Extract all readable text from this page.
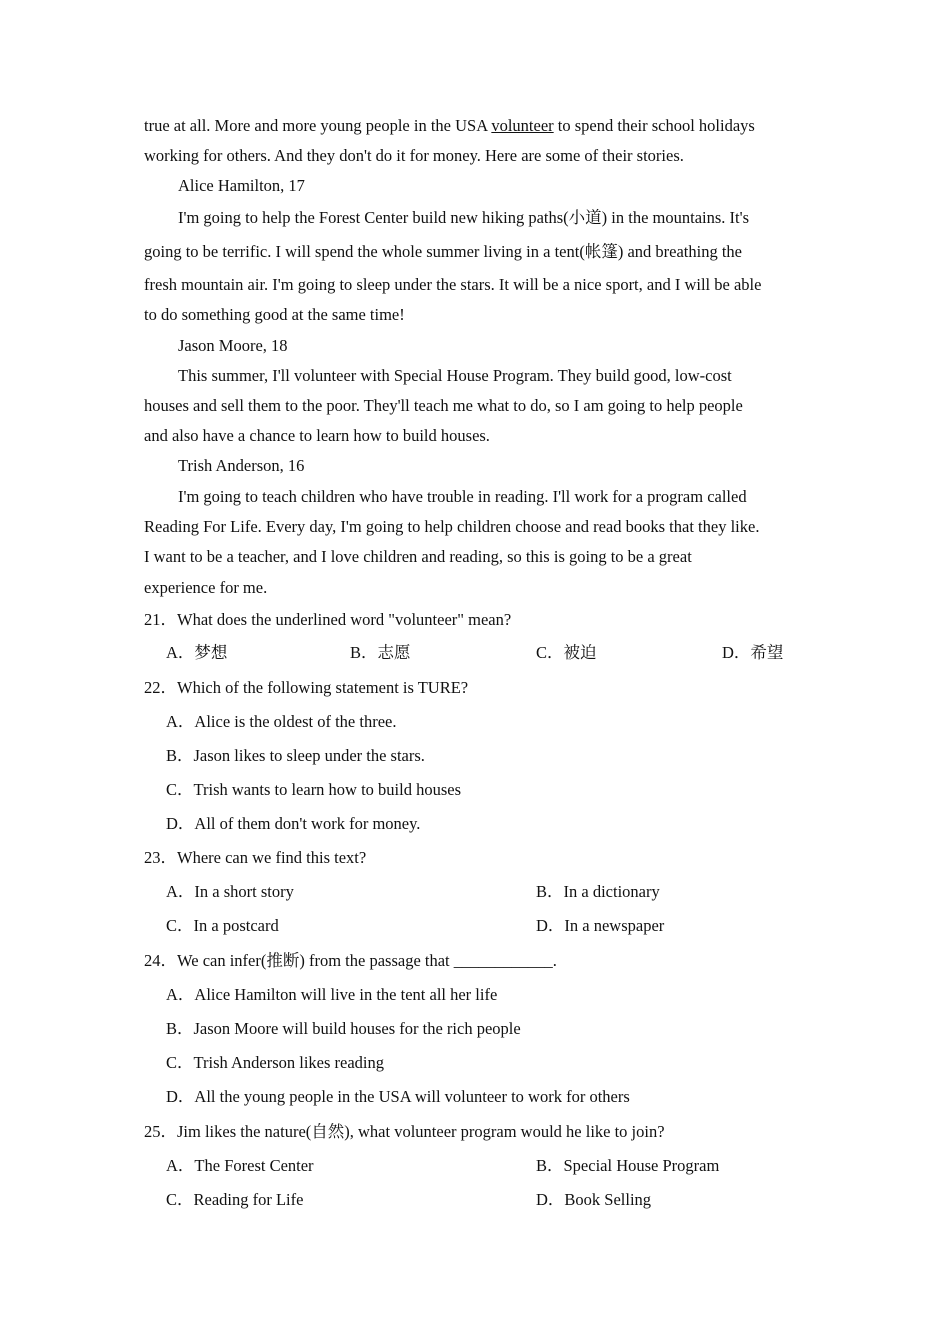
true at all. More and more young people in the USA volunteer to spend their school holidays
working for others. And they don't do it for money. Here are some of their stories.
Alice Hamilton, 17
I'm going to help the Forest Center build new hiking paths(小道) in the mountains. It's
going to be terrific. I will spend the whole summer living in a tent(帐篷) and breathing the
fresh mountain air. I'm going to sleep under the stars. It will be a nice sport, and I will be able
to do something good at the same time!
Jason Moore, 18
This summer, I'll volunteer with Special House Program. They build good, low-cost
houses and sell them to the poor. They'll teach me what to do, so I am going to help people
and also have a chance to learn how to build houses.
Trish Anderson, 16
I'm going to teach children who have trouble in reading. I'll work for a program called
Reading For Life. Every day, I'm going to help children choose and read books that they like.
I want to be a teacher, and I love children and reading, so this is going to be a great
experience for me.
21．What does the underlined word "volunteer" mean?
A．梦想	B．志愿	C．被迫	D．希望
22．Which of the following statement is TURE?
A．Alice is the oldest of the three.
B．Jason likes to sleep under the stars.
C．Trish wants to learn how to build houses
D．All of them don't work for money.
23．Where can we find this text?
A．In a short story	B．In a dictionary
C．In a postcard	D．In a newspaper
24．We can infer(推断) from the passage that ____________.
A．Alice Hamilton will live in the tent all her life
B．Jason Moore will build houses for the rich people
C．Trish Anderson likes reading
D．All the young people in the USA will volunteer to work for others
25．Jim likes the nature(自然), what volunteer program would he like to join?
A．The Forest Center	B．Special House Program
C．Reading for Life	D．Book Selling
